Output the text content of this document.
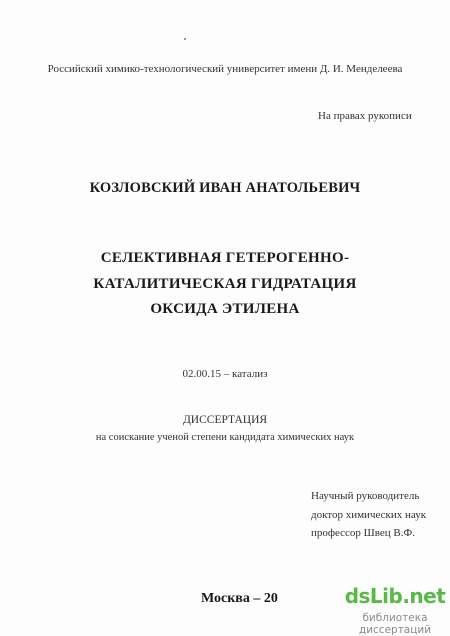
Российский химико-технологический университет имени Д. И. Менделеева
На правах рукописи
КОЗЛОВСКИЙ ИВАН АНАТОЛЬЕВИЧ
СЕЛЕКТИВНАЯ ГЕТЕРОГЕННО-
КАТАЛИТИЧЕСКАЯ ГИДРАТАЦИЯ
ОКСИДА ЭТИЛЕНА
02.00.15 – катализ
ДИССЕРТАЦИЯ
на соискание ученой степени кандидата химических наук
Научный руководитель
доктор химических наук
профессор Швец В.Ф.
Москва – 20	dsLib.net
библиотека диссертаций
